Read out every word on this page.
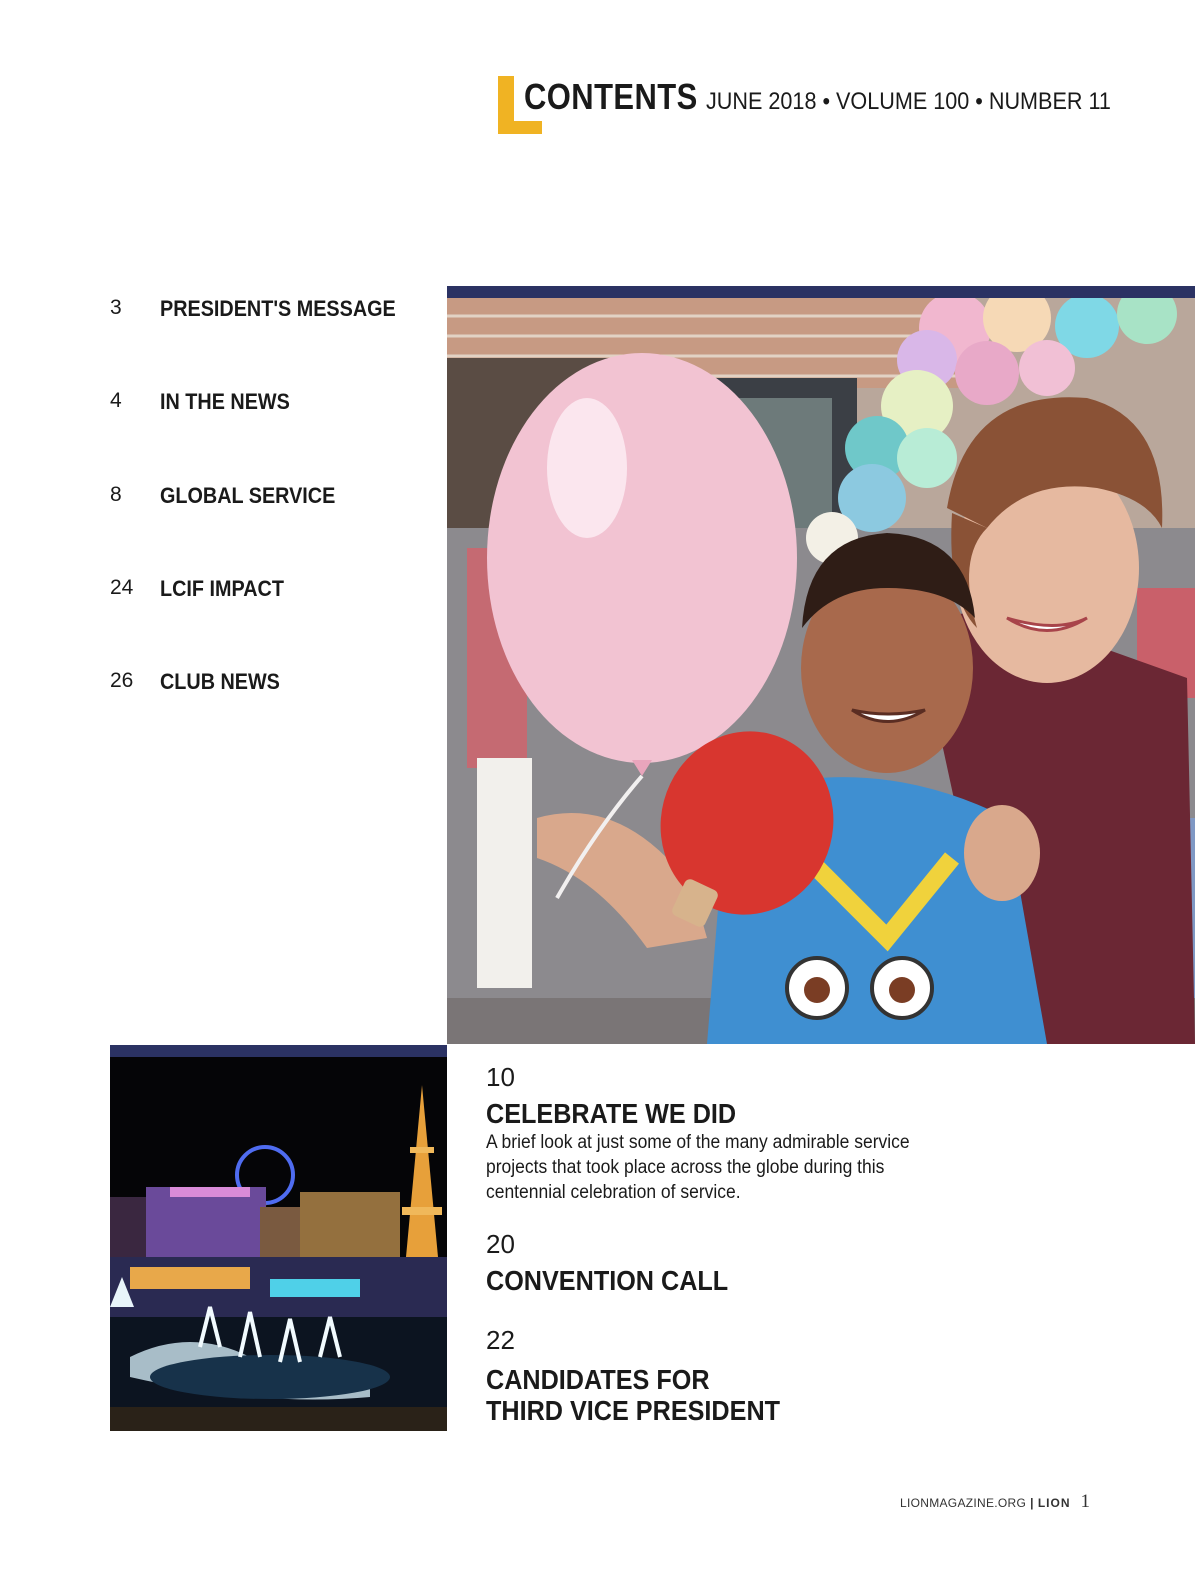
CONTENTS JUNE 2018 • VOLUME 100 • NUMBER 11
3 PRESIDENT'S MESSAGE
4 IN THE NEWS
8 GLOBAL SERVICE
24 LCIF IMPACT
26 CLUB NEWS
10
CELEBRATE WE DID
A brief look at just some of the many admirable service projects that took place across the globe during this centennial celebration of service.
20
CONVENTION CALL
22
CANDIDATES FOR
THIRD VICE PRESIDENT
LIONMAGAZINE.ORG | LION 1
